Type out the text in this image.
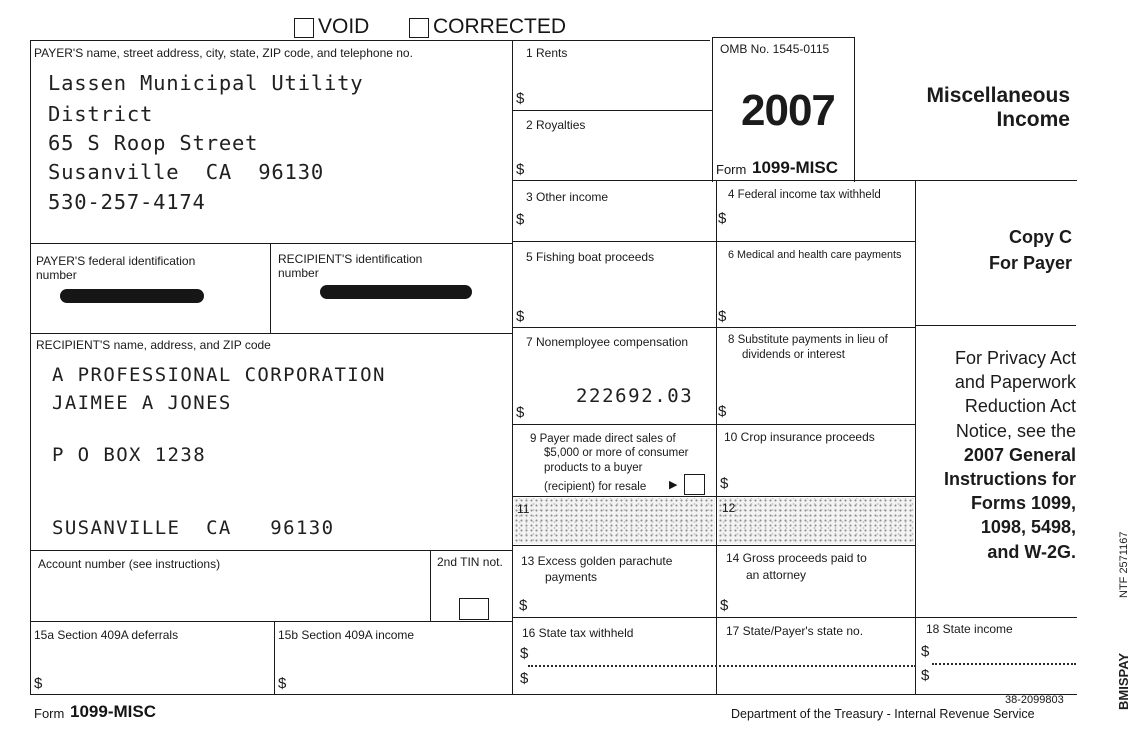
VOID	CORRECTED
PAYER'S name, street address, city, state, ZIP code, and telephone no.
Lassen Municipal Utility
District
65 S Roop Street
Susanville  CA  96130
530-257-4174
PAYER'S federal identification
number
RECIPIENT'S identification
number
RECIPIENT'S name, address, and ZIP code
A PROFESSIONAL CORPORATION
JAIMEE A JONES
P O BOX 1238
SUSANVILLE  CA   96130
Account number (see instructions)	2nd TIN not.
1 Rents
$
2 Royalties
$
OMB No. 1545-0115
2007
Form 1099-MISC
Miscellaneous
Income
Copy C
For Payer
For Privacy Act
and Paperwork
Reduction Act
Notice, see the
2007 General
Instructions for
Forms 1099,
1098, 5498,
and W-2G.
3 Other income
$
4 Federal income tax withheld
$
5 Fishing boat proceeds
$
6 Medical and health care payments
$
7 Nonemployee compensation
222692.03
$
8 Substitute payments in lieu of
dividends or interest
$
9 Payer made direct sales of
$5,000 or more of consumer
products to a buyer
(recipient) for resale ▶
10 Crop insurance proceeds
$
11	12
13 Excess golden parachute
payments
$
14 Gross proceeds paid to
an attorney
$
15a Section 409A deferrals
$
15b Section 409A income
$
16 State tax withheld
$
$
17 State/Payer's state no.	18 State income
$
$
Form 1099-MISC
38-2099803
Department of the Treasury - Internal Revenue Service
NTF 2571167
BMISPAY
